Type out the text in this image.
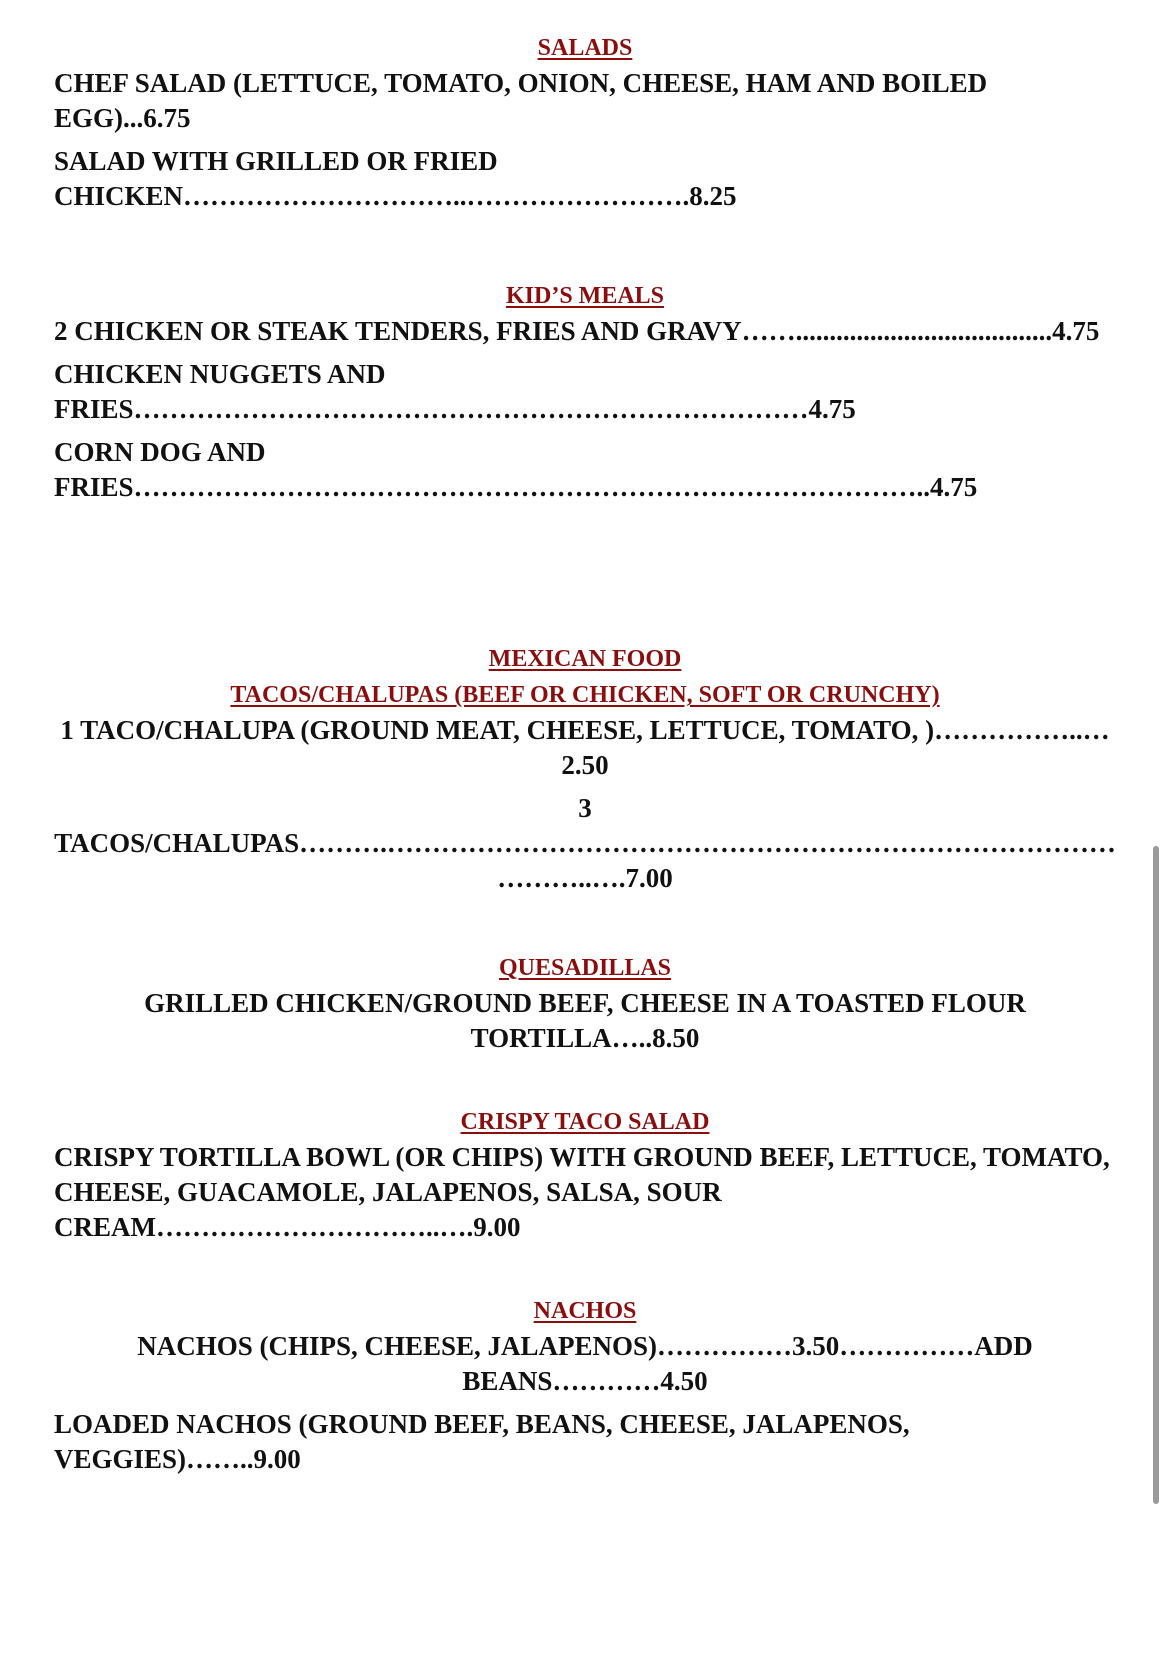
SALADS

CHEF SALAD (LETTUCE, TOMATO, ONION, CHEESE, HAM AND BOILED EGG)...6.75

SALAD WITH GRILLED OR FRIED CHICKEN…………………………..…………………….8.25

KID’S MEALS

2 CHICKEN OR STEAK TENDERS, FRIES AND GRAVY……......................................4.75

CHICKEN NUGGETS AND FRIES…………………………………………………………………4.75

CORN DOG AND FRIES……………………………………………………………………………..4.75

MEXICAN FOOD
TACOS/CHALUPAS (BEEF OR CHICKEN, SOFT OR CRUNCHY)

1 TACO/CHALUPA (GROUND MEAT, CHEESE, LETTUCE, TOMATO, )……………..…2.50

3 TACOS/CHALUPAS……….………………………………………………………………………………..….7.00

QUESADILLAS

GRILLED CHICKEN/GROUND BEEF, CHEESE IN A TOASTED FLOUR TORTILLA…..8.50

CRISPY TACO SALAD

CRISPY TORTILLA BOWL (OR CHIPS) WITH GROUND BEEF, LETTUCE, TOMATO, CHEESE, GUACAMOLE, JALAPENOS, SALSA, SOUR CREAM…………………………..….9.00

NACHOS

NACHOS (CHIPS, CHEESE, JALAPENOS)……………3.50……………ADD BEANS…………4.50

LOADED NACHOS (GROUND BEEF, BEANS, CHEESE, JALAPENOS, VEGGIES)……..9.00
